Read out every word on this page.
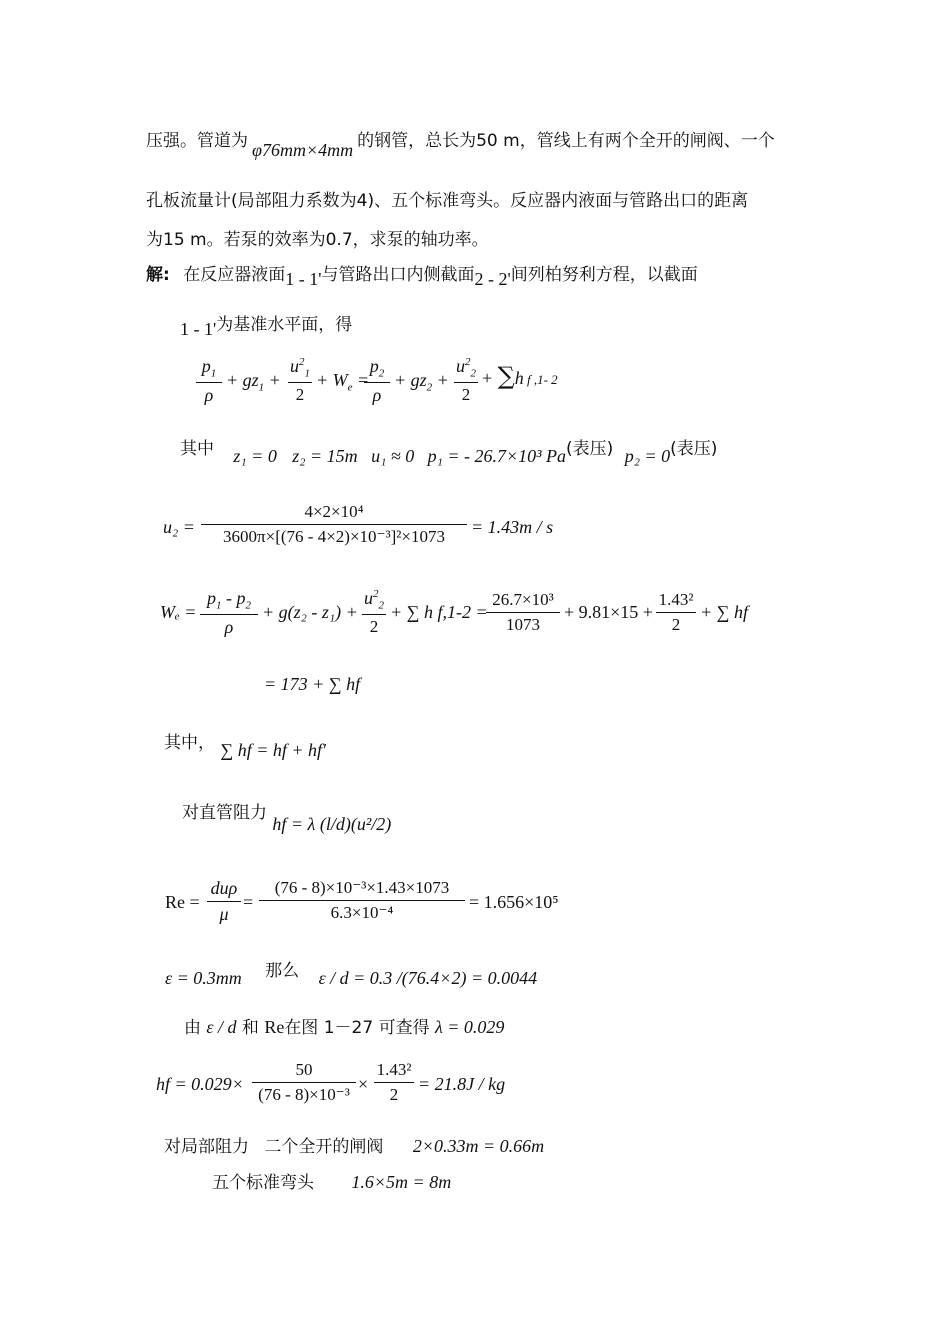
压强。管道为 φ76mm×4mm 的钢管，总长为50 m，管线上有两个全开的闸阀、一个
孔板流量计(局部阻力系数为4)、五个标准弯头。反应器内液面与管路出口的距离
为15 m。若泵的效率为0.7，求泵的轴功率。
解: 在反应器液面1 - 1'与管路出口内侧截面2 - 2'间列柏努利方程，以截面
1 - 1'为基准水平面，得
$p_1$
ρ
+ $gz_1$ +
$u^2_1$
2
+ $W_e$ =
$p_2$
ρ
+ $gz_2$ +
$u^2_2$
2
+ ∑h f ,1- 2
其中 z₁ = 0 z₂ = 15m u₁ ≈ 0 p₁ = - 26.7×10³ Pa(表压) p₂ = 0(表压)
u₂ =
4×2×10⁴
3600π×[(76 - 4×2)×10⁻³]²×1073	= 1.43m / s
Wₑ =
$p_1 - p_2$
ρ
+ g(z₂ - z₁) +
$u^2_2$
2
+ ∑ h f,1-2 =
26.7×10³
1073
+ 9.81×15 +
1.43²
2
+ ∑ hf
= 173 + ∑ hf
其中， ∑ hf = hf + hf'
对直管阻力 hf = λ (l/d)(u²/2)
Re =
duρ
μ
=
(76 - 8)×10⁻³×1.43×1073
6.3×10⁻⁴
= 1.656×10⁵
ε = 0.3mm 那么 ε / d = 0.3 /(76.4×2) = 0.0044
由 ε / d 和 Re在图 1－27 可查得 λ = 0.029
hf = 0.029×
50
(76 - 8)×10⁻³
×
1.43²
2
= 21.8J / kg
对局部阻力 二个全开的闸阀 2×0.33m = 0.66m
五个标准弯头 1.6×5m = 8m
